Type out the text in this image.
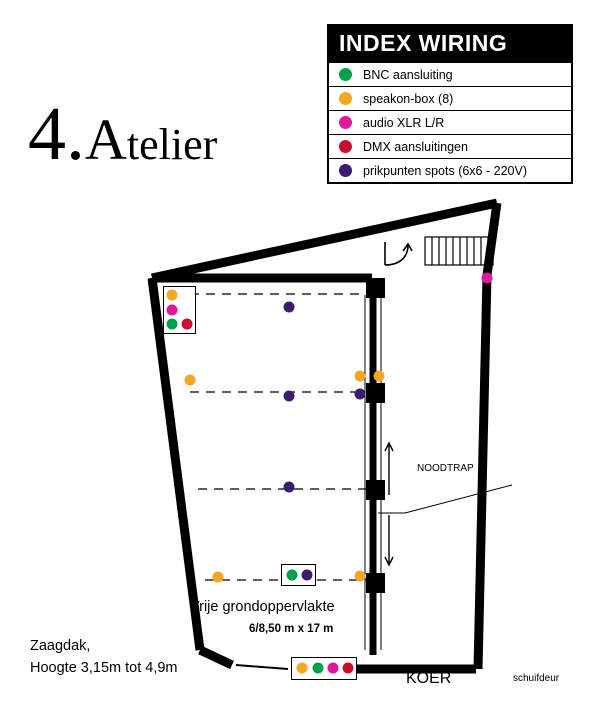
4.Atelier
INDEX WIRING
BNC aansluiting
speakon-box (8)
audio XLR L/R
DMX aansluitingen
prikpunten spots (6x6 - 220V)
Zaagdak,
Hoogte 3,15m tot 4,9m
Vrije grondoppervlakte
6/8,50 m x 17 m
KOER	schuifdeur
NOODTRAP
